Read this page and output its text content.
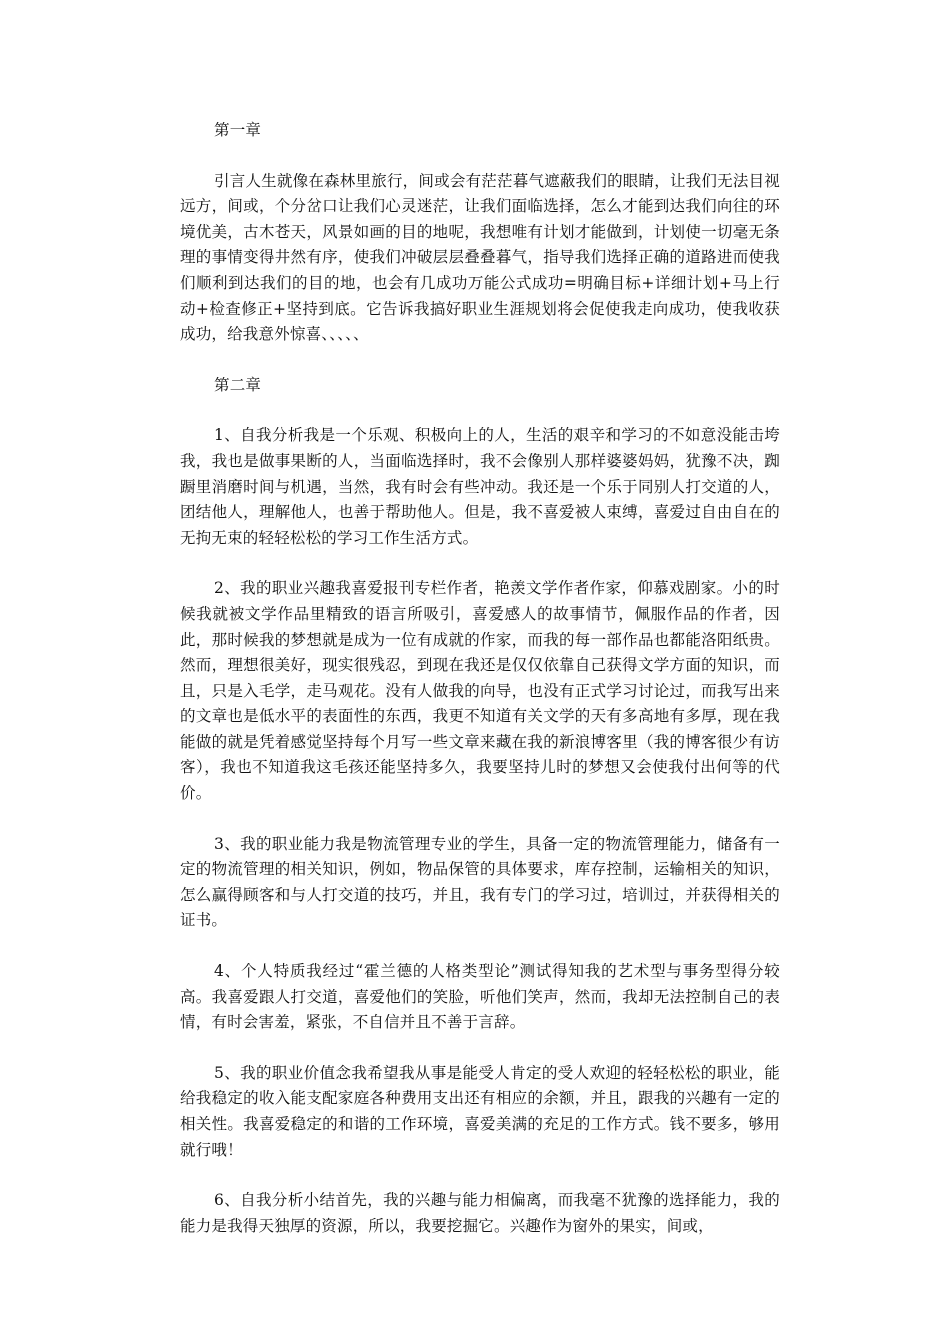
第一章

引言人生就像在森林里旅行，间或会有茫茫暮气遮蔽我们的眼睛，让我们无法目视远方，间或，个分岔口让我们心灵迷茫，让我们面临选择，怎么才能到达我们向往的环境优美，古木苍天，风景如画的目的地呢，我想唯有计划才能做到，计划使一切毫无条理的事情变得井然有序，使我们冲破层层叠叠暮气，指导我们选择正确的道路进而使我们顺利到达我们的目的地，也会有几成功万能公式成功=明确目标+详细计划+马上行动+检查修正+坚持到底。它告诉我搞好职业生涯规划将会促使我走向成功，使我收获成功，给我意外惊喜、、、、、

第二章

1、自我分析我是一个乐观、积极向上的人，生活的艰辛和学习的不如意没能击垮我，我也是做事果断的人，当面临选择时，我不会像别人那样婆婆妈妈，犹豫不决，踟蹰里消磨时间与机遇，当然，我有时会有些冲动。我还是一个乐于同别人打交道的人，团结他人，理解他人，也善于帮助他人。但是，我不喜爱被人束缚，喜爱过自由自在的无拘无束的轻轻松松的学习工作生活方式。

2、我的职业兴趣我喜爱报刊专栏作者，艳羡文学作者作家，仰慕戏剧家。小的时候我就被文学作品里精致的语言所吸引，喜爱感人的故事情节，佩服作品的作者，因此，那时候我的梦想就是成为一位有成就的作家，而我的每一部作品也都能洛阳纸贵。然而，理想很美好，现实很残忍，到现在我还是仅仅依靠自己获得文学方面的知识，而且，只是入毛学，走马观花。没有人做我的向导，也没有正式学习讨论过，而我写出来的文章也是低水平的表面性的东西，我更不知道有关文学的天有多高地有多厚，现在我能做的就是凭着感觉坚持每个月写一些文章来藏在我的新浪博客里（我的博客很少有访客），我也不知道我这毛孩还能坚持多久，我要坚持儿时的梦想又会使我付出何等的代价。

3、我的职业能力我是物流管理专业的学生，具备一定的物流管理能力，储备有一定的物流管理的相关知识，例如，物品保管的具体要求，库存控制，运输相关的知识，怎么赢得顾客和与人打交道的技巧，并且，我有专门的学习过，培训过，并获得相关的证书。

4、个人特质我经过“霍兰德的人格类型论”测试得知我的艺术型与事务型得分较高。我喜爱跟人打交道，喜爱他们的笑脸，听他们笑声，然而，我却无法控制自己的表情，有时会害羞，紧张，不自信并且不善于言辞。

5、我的职业价值念我希望我从事是能受人肯定的受人欢迎的轻轻松松的职业，能给我稳定的收入能支配家庭各种费用支出还有相应的余额，并且，跟我的兴趣有一定的相关性。我喜爱稳定的和谐的工作环境，喜爱美满的充足的工作方式。钱不要多，够用就行哦！

6、自我分析小结首先，我的兴趣与能力相偏离，而我毫不犹豫的选择能力，我的能力是我得天独厚的资源，所以，我要挖掘它。兴趣作为窗外的果实，间或，
